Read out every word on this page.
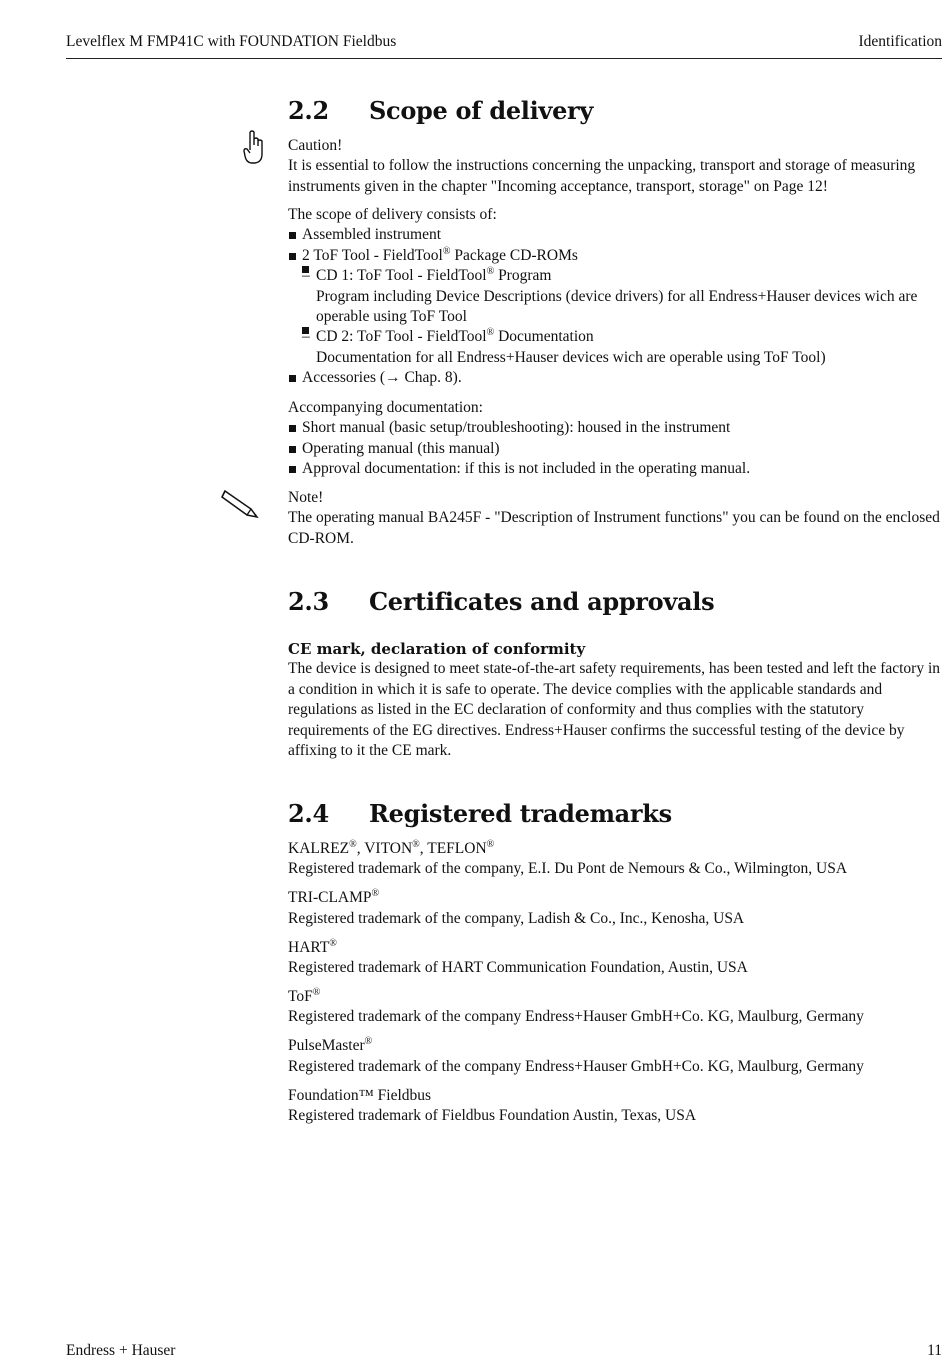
Levelflex M FMP41C with FOUNDATION Fieldbus	Identification
2.2 Scope of delivery
Caution!
It is essential to follow the instructions concerning the unpacking, transport and storage of measuring instruments given in the chapter "Incoming acceptance, transport, storage" on Page 12!
The scope of delivery consists of:
Assembled instrument
2 ToF Tool - FieldTool® Package CD-ROMs
– CD 1: ToF Tool - FieldTool® Program
Program including Device Descriptions (device drivers) for all Endress+Hauser devices wich are operable using ToF Tool
– CD 2: ToF Tool - FieldTool® Documentation
Documentation for all Endress+Hauser devices wich are operable using ToF Tool)
Accessories (→ Chap. 8).
Accompanying documentation:
Short manual (basic setup/troubleshooting): housed in the instrument
Operating manual (this manual)
Approval documentation: if this is not included in the operating manual.
Note!
The operating manual BA245F - "Description of Instrument functions" you can be found on the enclosed CD-ROM.
2.3 Certificates and approvals
CE mark, declaration of conformity
The device is designed to meet state-of-the-art safety requirements, has been tested and left the factory in a condition in which it is safe to operate. The device complies with the applicable standards and regulations as listed in the EC declaration of conformity and thus complies with the statutory requirements of the EG directives. Endress+Hauser confirms the successful testing of the device by affixing to it the CE mark.
2.4 Registered trademarks
KALREZ®, VITON®, TEFLON®
Registered trademark of the company, E.I. Du Pont de Nemours & Co., Wilmington, USA
TRI-CLAMP®
Registered trademark of the company, Ladish & Co., Inc., Kenosha, USA
HART®
Registered trademark of HART Communication Foundation, Austin, USA
ToF®
Registered trademark of the company Endress+Hauser GmbH+Co. KG, Maulburg, Germany
PulseMaster®
Registered trademark of the company Endress+Hauser GmbH+Co. KG, Maulburg, Germany
Foundation™ Fieldbus
Registered trademark of Fieldbus Foundation Austin, Texas, USA
Endress + Hauser	11
